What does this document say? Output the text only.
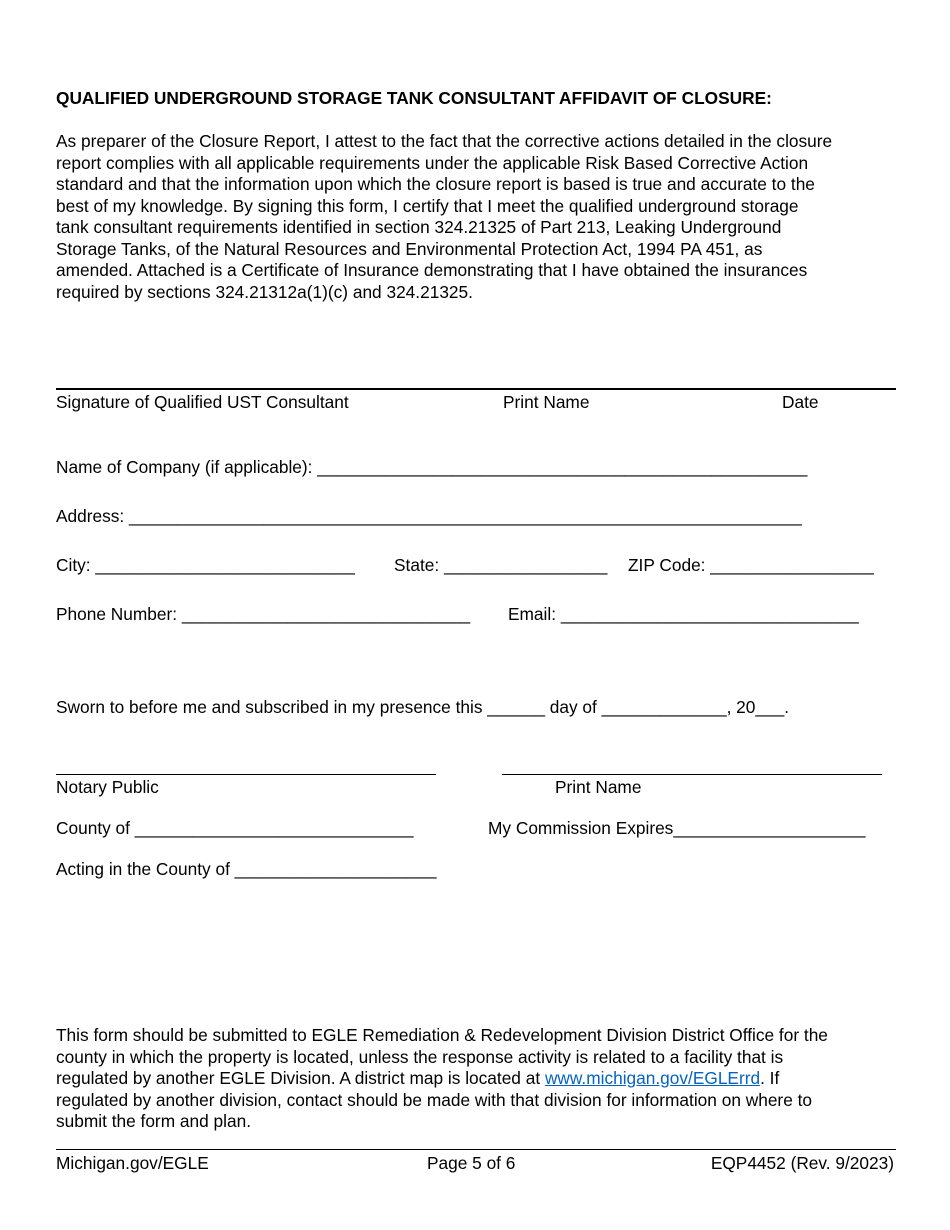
QUALIFIED UNDERGROUND STORAGE TANK CONSULTANT AFFIDAVIT OF CLOSURE:

As preparer of the Closure Report, I attest to the fact that the corrective actions detailed in the closure

report complies with all applicable requirements under the applicable Risk Based Corrective Action

standard and that the information upon which the closure report is based is true and accurate to the

best of my knowledge. By signing this form, I certify that I meet the qualified underground storage

tank consultant requirements identified in section 324.21325 of Part 213, Leaking Underground

Storage Tanks, of the Natural Resources and Environmental Protection Act, 1994 PA 451, as

amended. Attached is a Certificate of Insurance demonstrating that I have obtained the insurances

required by sections 324.21312a(1)(c) and 324.21325.

Signature of Qualified UST Consultant	Print Name	Date
Name of Company (if applicable): ___________________________________________________
Address: ______________________________________________________________________
City: ___________________________ State: _________________ ZIP Code: _________________
Phone Number: ______________________________ Email: _______________________________
Sworn to before me and subscribed in my presence this ______ day of _____________, 20___.
Notary Public	Print Name
County of _____________________________	My Commission Expires____________________
Acting in the County of _____________________

This form should be submitted to EGLE Remediation & Redevelopment Division District Office for the

county in which the property is located, unless the response activity is related to a facility that is

regulated by another EGLE Division. A district map is located at www.michigan.gov/EGLErrd. If

regulated by another division, contact should be made with that division for information on where to

submit the form and plan.

Michigan.gov/EGLE	Page 5 of 6	EQP4452 (Rev. 9/2023)
